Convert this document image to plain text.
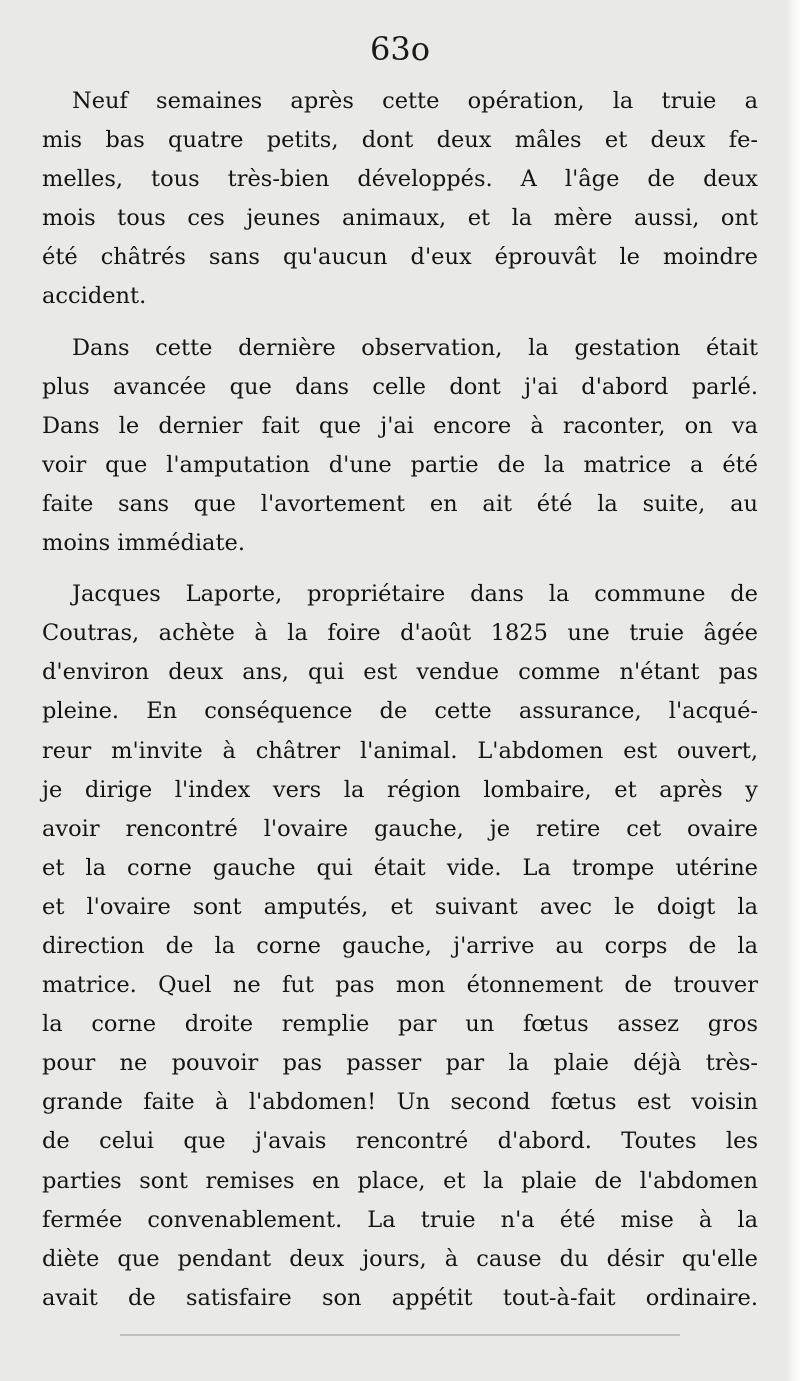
63o
Neuf semaines après cette opération, la truie a
mis bas quatre petits, dont deux mâles et deux fe-
melles, tous très-bien développés. A l'âge de deux
mois tous ces jeunes animaux, et la mère aussi, ont
été châtrés sans qu'aucun d'eux éprouvât le moindre
accident.
Dans cette dernière observation, la gestation était
plus avancée que dans celle dont j'ai d'abord parlé.
Dans le dernier fait que j'ai encore à raconter, on va
voir que l'amputation d'une partie de la matrice a été
faite sans que l'avortement en ait été la suite, au
moins immédiate.
Jacques Laporte, propriétaire dans la commune de
Coutras, achète à la foire d'août 1825 une truie âgée
d'environ deux ans, qui est vendue comme n'étant pas
pleine. En conséquence de cette assurance, l'acqué-
reur m'invite à châtrer l'animal. L'abdomen est ouvert,
je dirige l'index vers la région lombaire, et après y
avoir rencontré l'ovaire gauche, je retire cet ovaire
et la corne gauche qui était vide. La trompe utérine
et l'ovaire sont amputés, et suivant avec le doigt la
direction de la corne gauche, j'arrive au corps de la
matrice. Quel ne fut pas mon étonnement de trouver
la corne droite remplie par un fœtus assez gros
pour ne pouvoir pas passer par la plaie déjà très-
grande faite à l'abdomen! Un second fœtus est voisin
de celui que j'avais rencontré d'abord. Toutes les
parties sont remises en place, et la plaie de l'abdomen
fermée convenablement. La truie n'a été mise à la
diète que pendant deux jours, à cause du désir qu'elle
avait de satisfaire son appétit tout-à-fait ordinaire.
